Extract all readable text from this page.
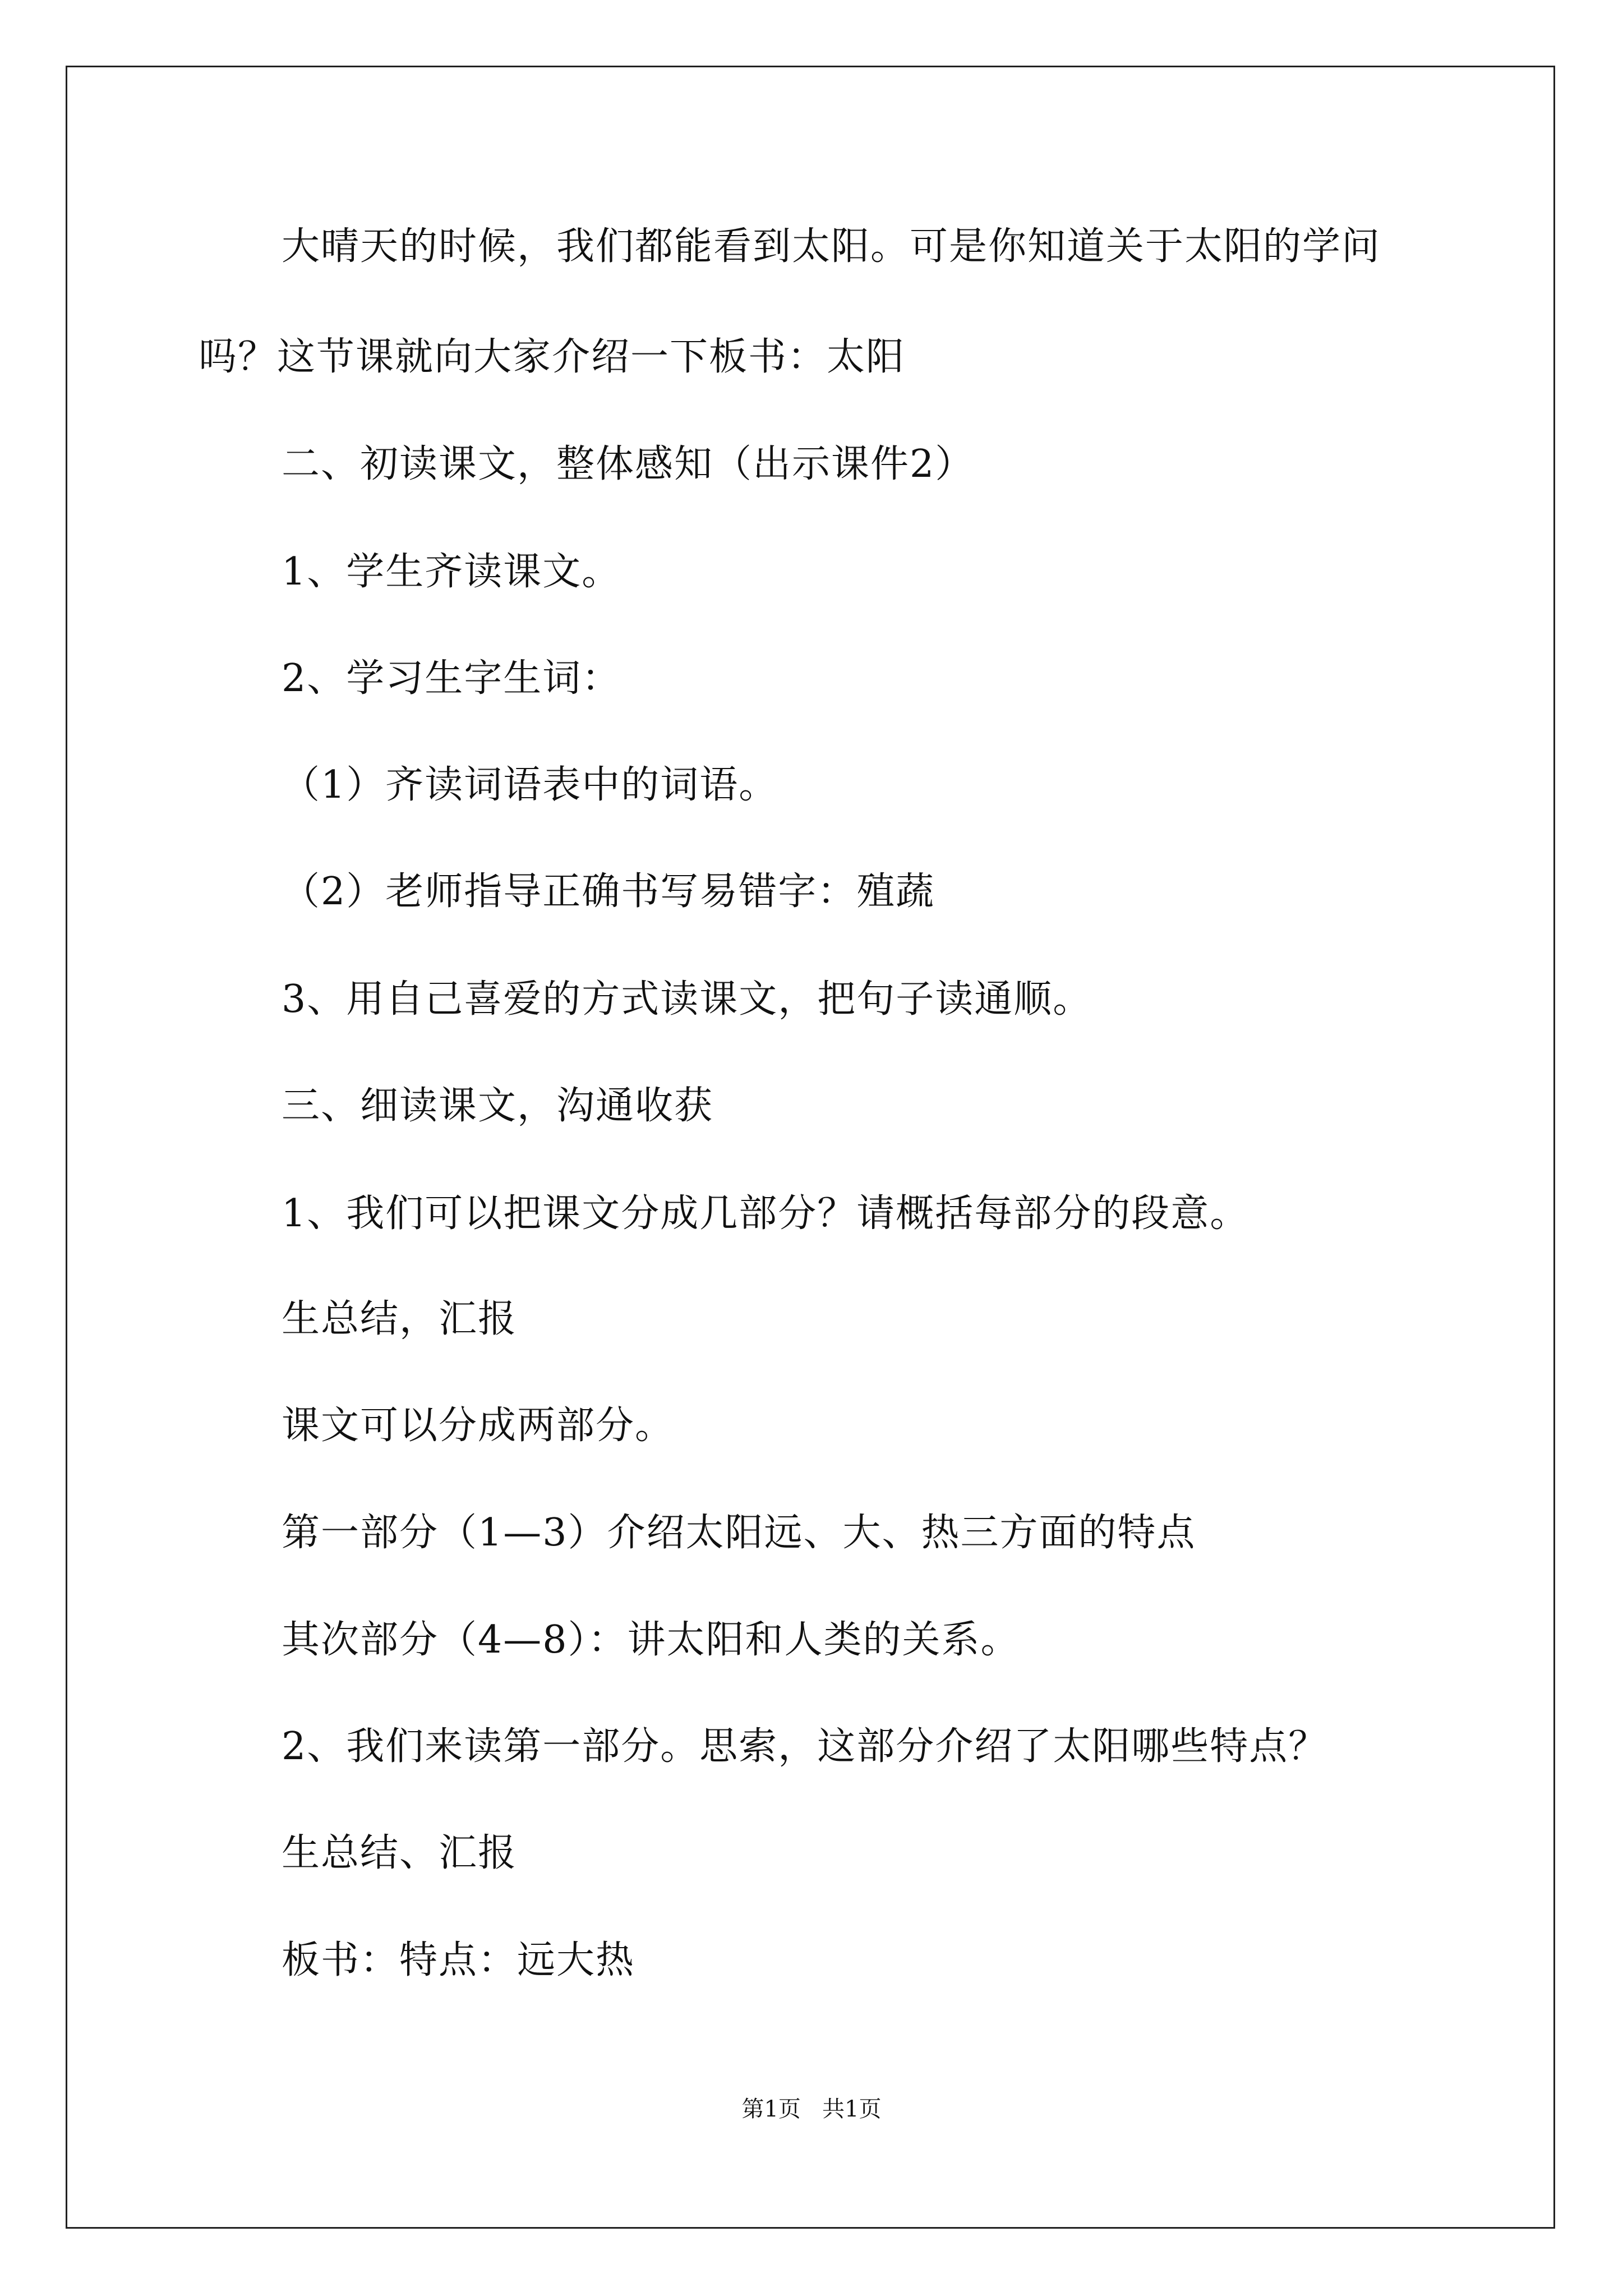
大晴天的时候，我们都能看到太阳。可是你知道关于太阳的学问
吗？这节课就向大家介绍一下板书：太阳
二、初读课文，整体感知（出示课件2）
1、学生齐读课文。
2、学习生字生词：
（1）齐读词语表中的词语。
（2）老师指导正确书写易错字：殖蔬
3、用自己喜爱的方式读课文，把句子读通顺。
三、细读课文，沟通收获
1、我们可以把课文分成几部分？请概括每部分的段意。
生总结，汇报
课文可以分成两部分。
第一部分（1—3）介绍太阳远、大、热三方面的特点
其次部分（4—8）：讲太阳和人类的关系。
2、我们来读第一部分。思索，这部分介绍了太阳哪些特点？
生总结、汇报
板书：特点：远大热
第1页   共1页
